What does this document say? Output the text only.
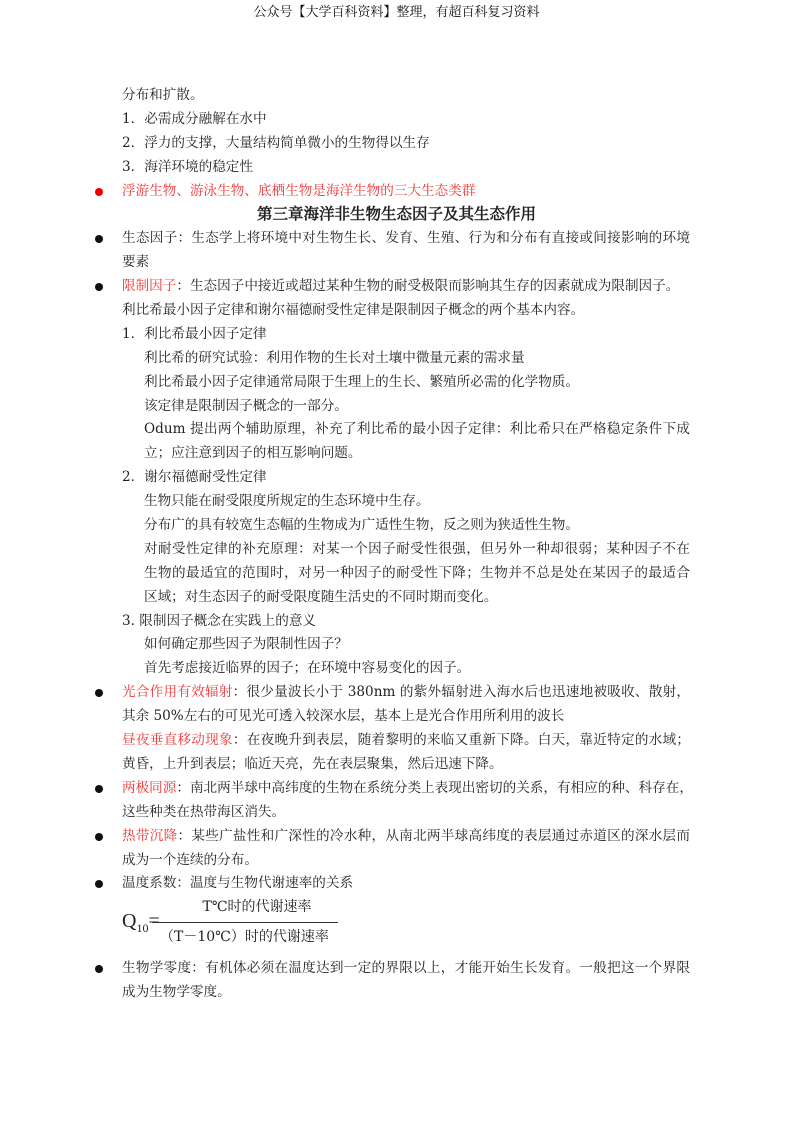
公众号【大学百科资料】整理，有超百科复习资料
分布和扩散。
1．必需成分融解在水中
2．浮力的支撑，大量结构简单微小的生物得以生存
3．海洋环境的稳定性
浮游生物、游泳生物、底栖生物是海洋生物的三大生态类群
第三章海洋非生物生态因子及其生态作用
生态因子：生态学上将环境中对生物生长、发育、生殖、行为和分布有直接或间接影响的环境
要素
限制因子：生态因子中接近或超过某种生物的耐受极限而影响其生存的因素就成为限制因子。
利比希最小因子定律和谢尔福德耐受性定律是限制因子概念的两个基本内容。
1．利比希最小因子定律
利比希的研究试验：利用作物的生长对土壤中微量元素的需求量
利比希最小因子定律通常局限于生理上的生长、繁殖所必需的化学物质。
该定律是限制因子概念的一部分。
Odum 提出两个辅助原理，补充了利比希的最小因子定律：利比希只在严格稳定条件下成
立；应注意到因子的相互影响问题。
2．谢尔福德耐受性定律
生物只能在耐受限度所规定的生态环境中生存。
分布广的具有较宽生态幅的生物成为广适性生物，反之则为狭适性生物。
对耐受性定律的补充原理：对某一个因子耐受性很强，但另外一种却很弱；某种因子不在
生物的最适宜的范围时，对另一种因子的耐受性下降；生物并不总是处在某因子的最适合
区域；对生态因子的耐受限度随生活史的不同时期而变化。
3. 限制因子概念在实践上的意义
如何确定那些因子为限制性因子？
首先考虑接近临界的因子；在环境中容易变化的因子。
光合作用有效辐射：很少量波长小于 380nm 的紫外辐射进入海水后也迅速地被吸收、散射，
其余 50%左右的可见光可透入较深水层，基本上是光合作用所利用的波长
昼夜垂直移动现象：在夜晚升到表层，随着黎明的来临又重新下降。白天，靠近特定的水域；
黄昏，上升到表层；临近天亮，先在表层聚集，然后迅速下降。
两极同源：南北两半球中高纬度的生物在系统分类上表现出密切的关系，有相应的种、科存在，
这些种类在热带海区消失。
热带沉降：某些广盐性和广深性的冷水种，从南北两半球高纬度的表层通过赤道区的深水层而
成为一个连续的分布。
温度系数：温度与生物代谢速率的关系
$Q_{10}=$
T℃时的代谢速率
（T－10℃）时的代谢速率
生物学零度：有机体必须在温度达到一定的界限以上，才能开始生长发育。一般把这一个界限
成为生物学零度。
